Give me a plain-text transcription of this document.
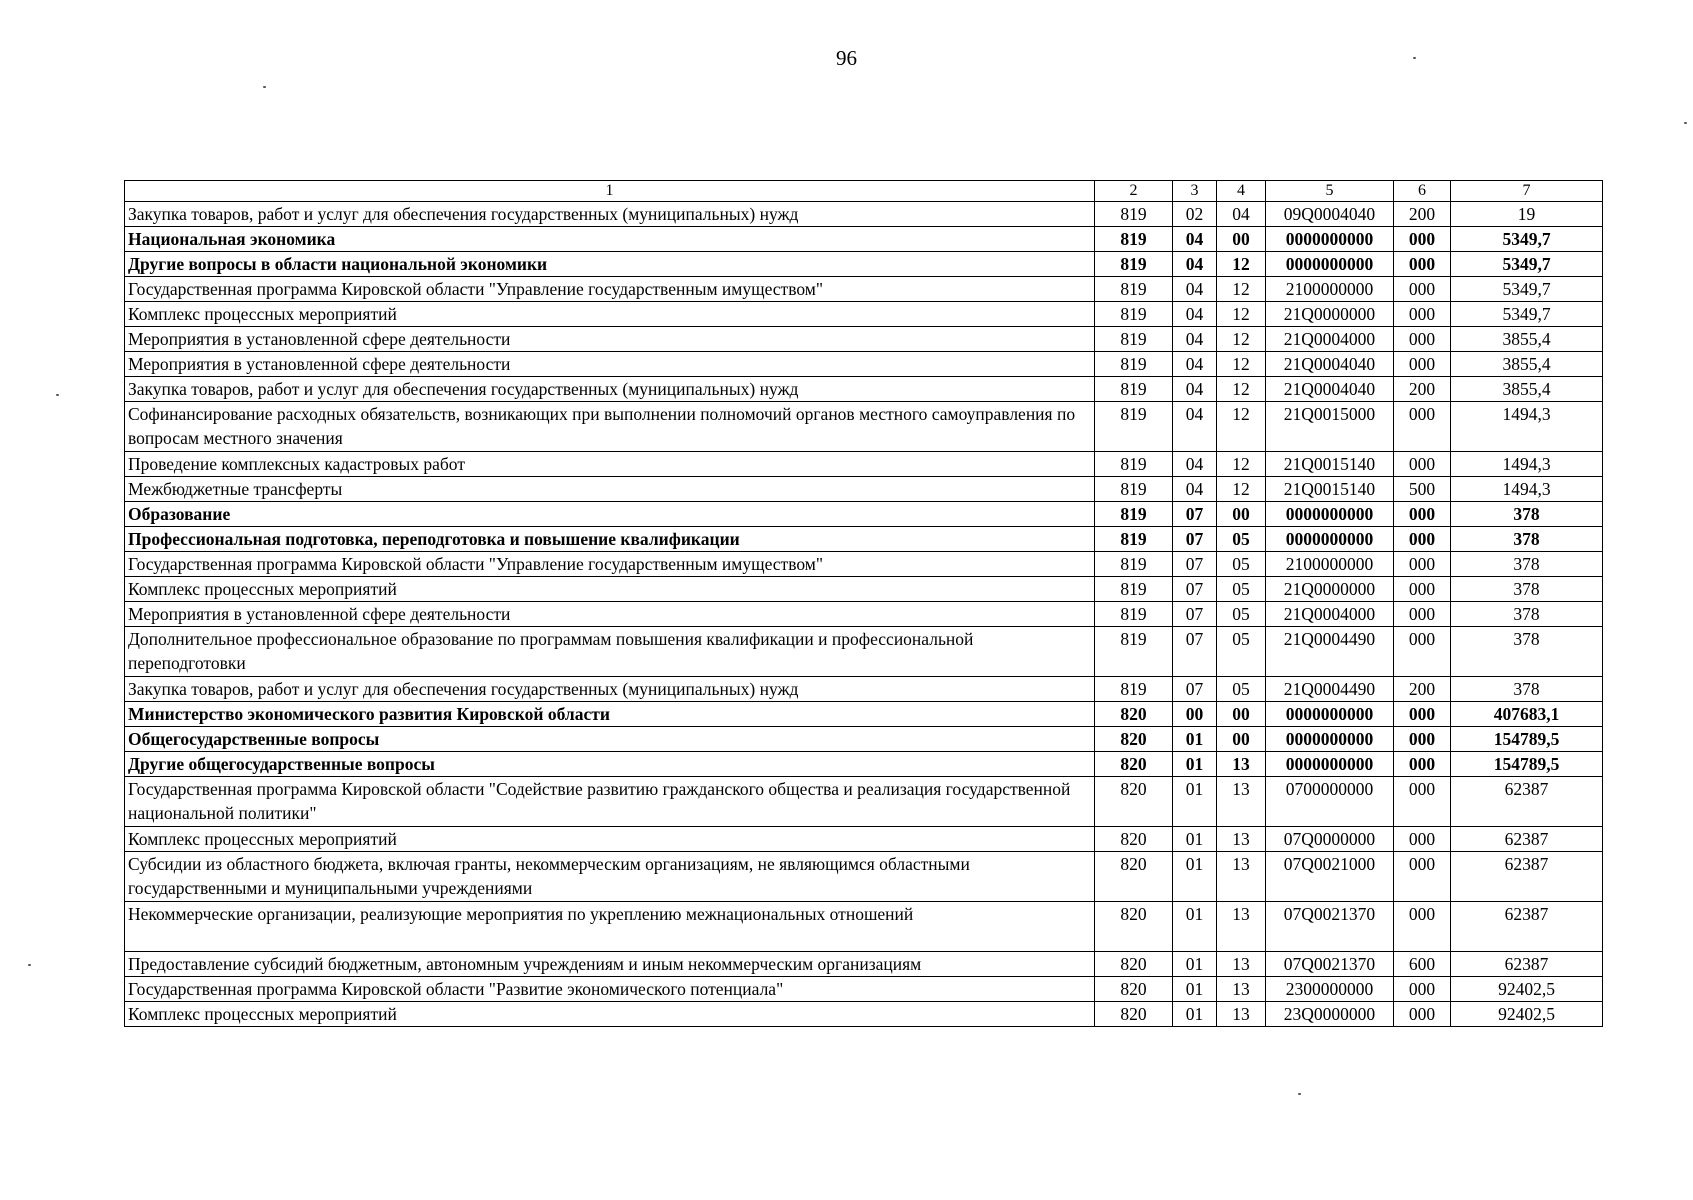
96
1	2	3	4	5	6	7
Закупка товаров, работ и услуг для обеспечения государственных (муниципальных) нужд	819	02	04	09Q0004040	200	19
Национальная экономика	819	04	00	0000000000	000	5349,7
Другие вопросы в области национальной экономики	819	04	12	0000000000	000	5349,7
Государственная программа Кировской области "Управление государственным имуществом"	819	04	12	2100000000	000	5349,7
Комплекс процессных мероприятий	819	04	12	21Q0000000	000	5349,7
Мероприятия в установленной сфере деятельности	819	04	12	21Q0004000	000	3855,4
Мероприятия в установленной сфере деятельности	819	04	12	21Q0004040	000	3855,4
Закупка товаров, работ и услуг для обеспечения государственных (муниципальных) нужд	819	04	12	21Q0004040	200	3855,4
Софинансирование расходных обязательств, возникающих при выполнении полномочий органов местного самоуправления по вопросам местного значения	819	04	12	21Q0015000	000	1494,3
Проведение комплексных кадастровых работ	819	04	12	21Q0015140	000	1494,3
Межбюджетные трансферты	819	04	12	21Q0015140	500	1494,3
Образование	819	07	00	0000000000	000	378
Профессиональная подготовка, переподготовка и повышение квалификации	819	07	05	0000000000	000	378
Государственная программа Кировской области "Управление государственным имуществом"	819	07	05	2100000000	000	378
Комплекс процессных мероприятий	819	07	05	21Q0000000	000	378
Мероприятия в установленной сфере деятельности	819	07	05	21Q0004000	000	378
Дополнительное профессиональное образование по программам повышения квалификации и профессиональной переподготовки	819	07	05	21Q0004490	000	378
Закупка товаров, работ и услуг для обеспечения государственных (муниципальных) нужд	819	07	05	21Q0004490	200	378
Министерство экономического развития Кировской области	820	00	00	0000000000	000	407683,1
Общегосударственные вопросы	820	01	00	0000000000	000	154789,5
Другие общегосударственные вопросы	820	01	13	0000000000	000	154789,5
Государственная программа Кировской области "Содействие развитию гражданского общества и реализация государственной национальной политики"	820	01	13	0700000000	000	62387
Комплекс процессных мероприятий	820	01	13	07Q0000000	000	62387
Субсидии из областного бюджета, включая гранты, некоммерческим организациям, не являющимся областными государственными и муниципальными учреждениями	820	01	13	07Q0021000	000	62387
Некоммерческие организации, реализующие мероприятия по укреплению межнациональных отношений	820	01	13	07Q0021370	000	62387
Предоставление субсидий бюджетным, автономным учреждениям и иным некоммерческим организациям	820	01	13	07Q0021370	600	62387
Государственная программа Кировской области "Развитие экономического потенциала"	820	01	13	2300000000	000	92402,5
Комплекс процессных мероприятий	820	01	13	23Q0000000	000	92402,5
